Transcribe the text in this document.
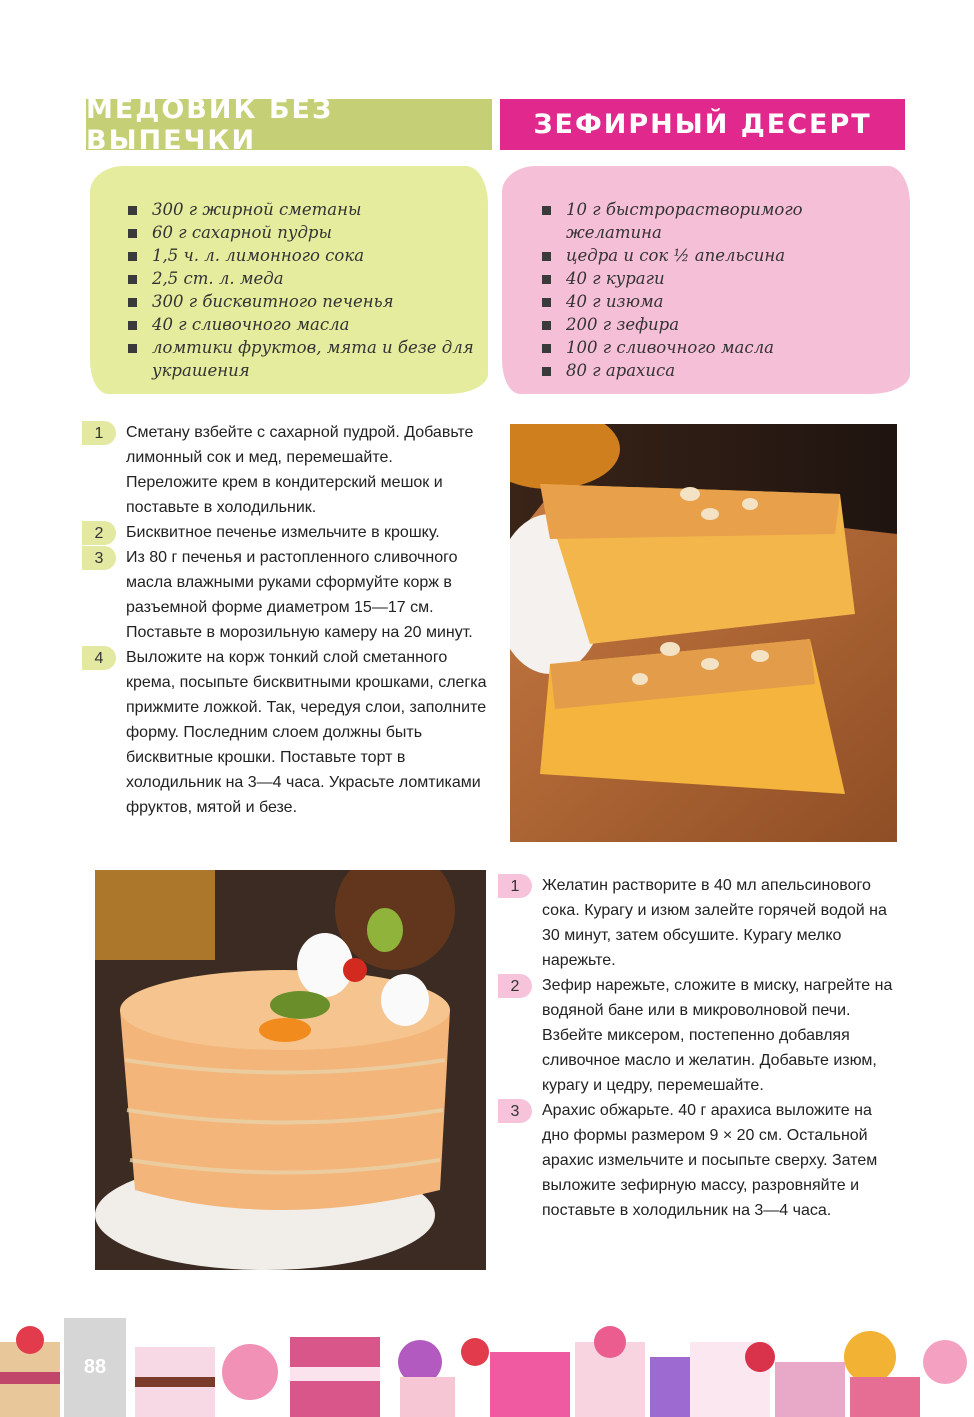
МЕДОВИК БЕЗ ВЫПЕЧКИ	ЗЕФИРНЫЙ ДЕСЕРТ
300 г жирной сметаны
60 г сахарной пудры
1,5 ч. л. лимонного сока
2,5 ст. л. меда
300 г бисквитного печенья
40 г сливочного масла
ломтики фруктов, мята и безе для украшения
10 г быстрорастворимого желатина
цедра и сок ½ апельсина
40 г кураги
40 г изюма
200 г зефира
100 г сливочного масла
80 г арахиса
1	Сметану взбейте с сахарной пудрой. Добавьте лимонный сок и мед, перемешайте. Переложите крем в кондитерский мешок и поставьте в холодильник.
2	Бисквитное печенье измельчите в крошку.
3	Из 80 г печенья и растопленного сливочного масла влажными руками сформуйте корж в разъемной форме диаметром 15—17 см. Поставьте в морозильную камеру на 20 минут.
4	Выложите на корж тонкий слой сметанного крема, посыпьте бисквитными крошками, слегка прижмите ложкой. Так, чередуя слои, заполните форму. Последним слоем должны быть бисквитные крошки. Поставьте торт в холодильник на 3—4 часа. Украсьте ломтиками фруктов, мятой и безе.
1	Желатин растворите в 40 мл апельсинового сока. Курагу и изюм залейте горячей водой на 30 минут, затем обсушите. Курагу мелко нарежьте.
2	Зефир нарежьте, сложите в миску, нагрейте на водяной бане или в микроволновой печи. Взбейте миксером, постепенно добавляя сливочное масло и желатин. Добавьте изюм, курагу и цедру, перемешайте.
3	Арахис обжарьте. 40 г арахиса выложите на дно формы размером 9 × 20 см. Остальной арахис измельчите и посыпьте сверху. Затем выложите зефирную массу, разровняйте и поставьте в холодильник на 3—4 часа.
88
